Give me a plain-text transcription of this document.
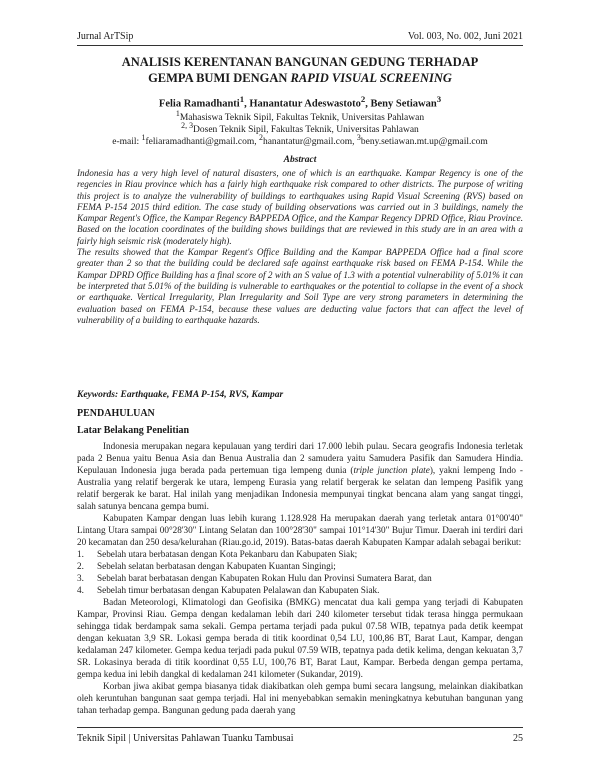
Jurnal ArTSip	Vol. 003, No. 002, Juni 2021
ANALISIS KERENTANAN BANGUNAN GEDUNG TERHADAP
GEMPA BUMI DENGAN RAPID VISUAL SCREENING
Felia Ramadhanti$^1$, Hanantatur Adeswastoto$^2$, Beny Setiawan$^3$
$^1$Mahasiswa Teknik Sipil, Fakultas Teknik, Universitas Pahlawan
$^{2, 3}$Dosen Teknik Sipil, Fakultas Teknik, Universitas Pahlawan
e-mail: $^1$feliaramadhanti@gmail.com, $^2$hanantatur@gmail.com, $^3$beny.setiawan.mt.up@gmail.com
Abstract

Indonesia has a very high level of natural disasters, one of which is an earthquake. Kampar Regency is one of the regencies in Riau province which has a fairly high earthquake risk compared to other districts. The purpose of writing this project is to analyze the vulnerability of buildings to earthquakes using Rapid Visual Screening (RVS) based on FEMA P-154 2015 third edition. The case study of building observations was carried out in 3 buildings, namely the Kampar Regent's Office, the Kampar Regency BAPPEDA Office, and the Kampar Regency DPRD Office, Riau Province. Based on the location coordinates of the building shows buildings that are reviewed in this study are in an area with a fairly high seismic risk (moderately high).

The results showed that the Kampar Regent's Office Building and the Kampar BAPPEDA Office had a final score greater than 2 so that the building could be declared safe against earthquake risk based on FEMA P-154. While the Kampar DPRD Office Building has a final score of 2 with an S value of 1.3 with a potential vulnerability of 5.01% it can be interpreted that 5.01% of the building is vulnerable to earthquakes or the potential to collapse in the event of a shock or earthquake. Vertical Irregularity, Plan Irregularity and Soil Type are very strong parameters in determining the evaluation based on FEMA P-154, because these values are deducting value factors that can affect the level of vulnerability of a building to earthquake hazards.

Keywords: Earthquake, FEMA P-154, RVS, Kampar
PENDAHULUAN
Latar Belakang Penelitian

Indonesia merupakan negara kepulauan yang terdiri dari 17.000 lebih pulau. Secara geografis Indonesia terletak pada 2 Benua yaitu Benua Asia dan Benua Australia dan 2 samudera yaitu Samudera Pasifik dan Samudera Hindia. Kepulauan Indonesia juga berada pada pertemuan tiga lempeng dunia (triple junction plate), yakni lempeng Indo - Australia yang relatif bergerak ke utara, lempeng Eurasia yang relatif bergerak ke selatan dan lempeng Pasifik yang relatif bergerak ke barat. Hal inilah yang menjadikan Indonesia mempunyai tingkat bencana alam yang sangat tinggi, salah satunya bencana gempa bumi.

Kabupaten Kampar dengan luas lebih kurang 1.128.928 Ha merupakan daerah yang terletak antara 01°00'40" Lintang Utara sampai 00°28'30" Lintang Selatan dan 100°28'30" sampai 101°14'30" Bujur Timur. Daerah ini terdiri dari 20 kecamatan dan 250 desa/kelurahan (Riau.go.id, 2019). Batas-batas daerah Kabupaten Kampar adalah sebagai berikut:

1.	Sebelah utara berbatasan dengan Kota Pekanbaru dan Kabupaten Siak;
2.	Sebelah selatan berbatasan dengan Kabupaten Kuantan Singingi;
3.	Sebelah barat berbatasan dengan Kabupaten Rokan Hulu dan Provinsi Sumatera Barat, dan
4.	Sebelah timur berbatasan dengan Kabupaten Pelalawan dan Kabupaten Siak.

Badan Meteorologi, Klimatologi dan Geofisika (BMKG) mencatat dua kali gempa yang terjadi di Kabupaten Kampar, Provinsi Riau. Gempa dengan kedalaman lebih dari 240 kilometer tersebut tidak terasa hingga permukaan sehingga tidak berdampak sama sekali. Gempa pertama terjadi pada pukul 07.58 WIB, tepatnya pada detik keempat dengan kekuatan 3,9 SR. Lokasi gempa berada di titik koordinat 0,54 LU, 100,86 BT, Barat Laut, Kampar, dengan kedalaman 247 kilometer. Gempa kedua terjadi pada pukul 07.59 WIB, tepatnya pada detik kelima, dengan kekuatan 3,7 SR. Lokasinya berada di titik koordinat 0,55 LU, 100,76 BT, Barat Laut, Kampar. Berbeda dengan gempa pertama, gempa kedua ini lebih dangkal di kedalaman 241 kilometer (Sukandar, 2019).

Korban jiwa akibat gempa biasanya tidak diakibatkan oleh gempa bumi secara langsung, melainkan diakibatkan oleh keruntuhan bangunan saat gempa terjadi. Hal ini menyebabkan semakin meningkatnya kebutuhan bangunan yang tahan terhadap gempa. Bangunan gedung pada daerah yang

Teknik Sipil | Universitas Pahlawan Tuanku Tambusai	25
